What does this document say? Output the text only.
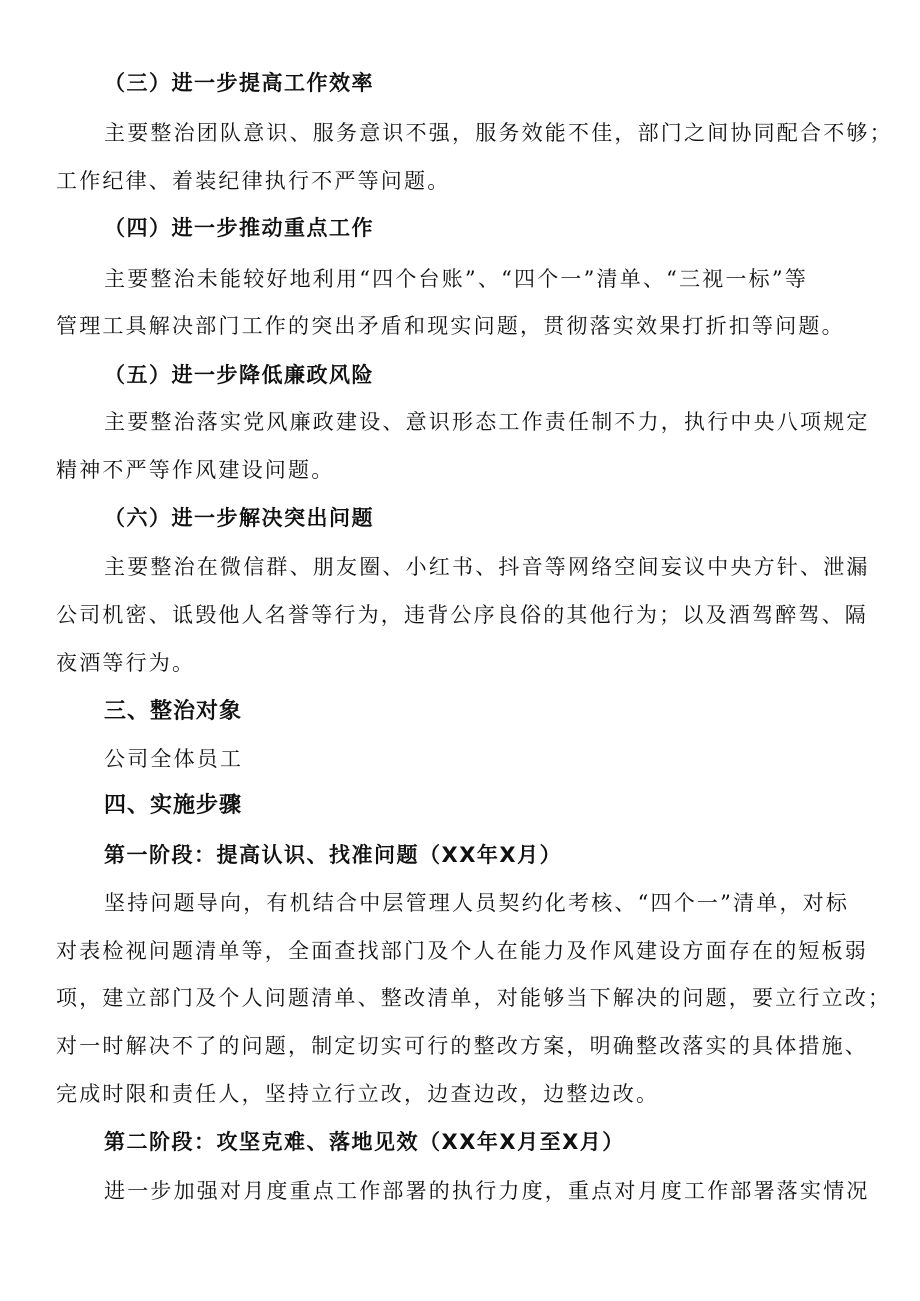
（三）进一步提高工作效率
主要整治团队意识、服务意识不强，服务效能不佳，部门之间协同配合不够；
工作纪律、着装纪律执行不严等问题。
（四）进一步推动重点工作
主要整治未能较好地利用“四个台账”、“四个一”清单、“三视一标”等
管理工具解决部门工作的突出矛盾和现实问题，贯彻落实效果打折扣等问题。
（五）进一步降低廉政风险
主要整治落实党风廉政建设、意识形态工作责任制不力，执行中央八项规定
精神不严等作风建设问题。
（六）进一步解决突出问题
主要整治在微信群、朋友圈、小红书、抖音等网络空间妄议中央方针、泄漏
公司机密、诋毁他人名誉等行为，违背公序良俗的其他行为；以及酒驾醉驾、隔
夜酒等行为。
三、整治对象
公司全体员工
四、实施步骤
第一阶段：提高认识、找准问题（XX年X月）
坚持问题导向，有机结合中层管理人员契约化考核、“四个一”清单，对标
对表检视问题清单等，全面查找部门及个人在能力及作风建设方面存在的短板弱
项，建立部门及个人问题清单、整改清单，对能够当下解决的问题，要立行立改；
对一时解决不了的问题，制定切实可行的整改方案，明确整改落实的具体措施、
完成时限和责任人，坚持立行立改，边查边改，边整边改。
第二阶段：攻坚克难、落地见效（XX年X月至X月）
进一步加强对月度重点工作部署的执行力度，重点对月度工作部署落实情况
